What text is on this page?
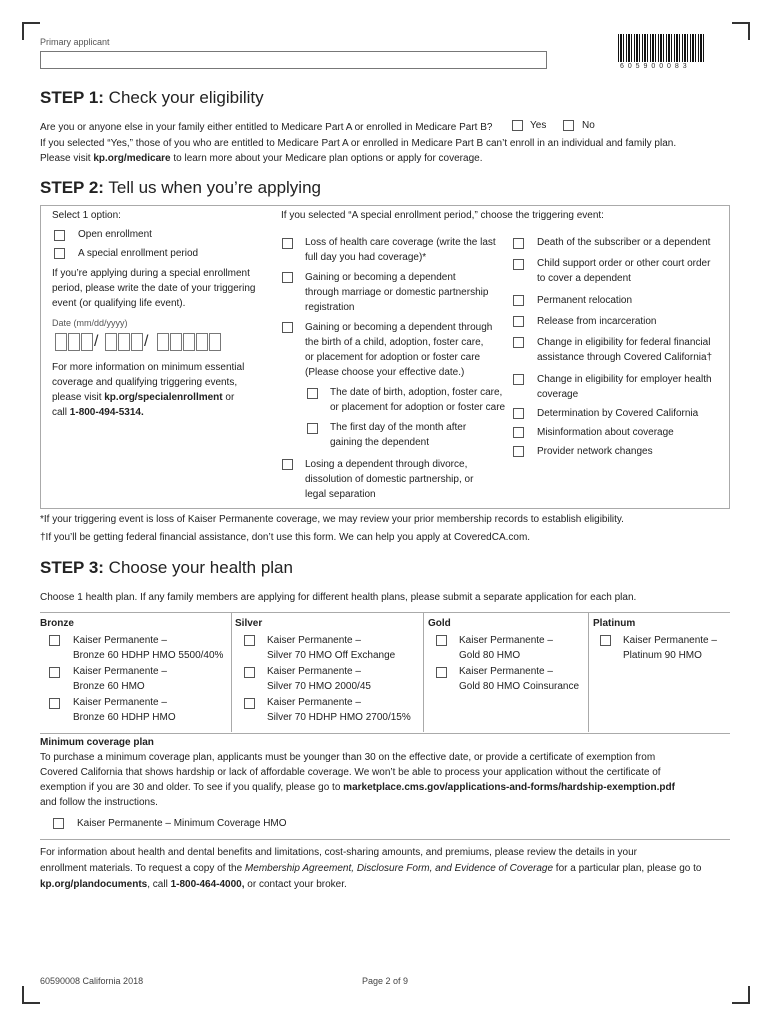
Primary applicant
6 0 5 9 0 0 0 8 3
STEP 1: Check your eligibility
Are you or anyone else in your family either entitled to Medicare Part A or enrolled in Medicare Part B?	Yes	No
If you selected “Yes,” those of you who are entitled to Medicare Part A or enrolled in Medicare Part B can’t enroll in an individual and family plan.
Please visit kp.org/medicare to learn more about your Medicare plan options or apply for coverage.
STEP 2: Tell us when you’re applying
Select 1 option:
Open enrollment
A special enrollment period
If you’re applying during a special enrollment
period, please write the date of your triggering
event (or qualifying life event).
Date (mm/dd/yyyy)
/	/
For more information on minimum essential
coverage and qualifying triggering events,
please visit kp.org/specialenrollment or
call 1-800-494-5314.
If you selected “A special enrollment period,” choose the triggering event:
Loss of health care coverage (write the last
full day you had coverage)*
Gaining or becoming a dependent
through marriage or domestic partnership
registration
Gaining or becoming a dependent through
the birth of a child, adoption, foster care,
or placement for adoption or foster care
(Please choose your effective date.)
The date of birth, adoption, foster care,
or placement for adoption or foster care
The first day of the month after
gaining the dependent
Losing a dependent through divorce,
dissolution of domestic partnership, or
legal separation
Death of the subscriber or a dependent
Child support order or other court order
to cover a dependent
Permanent relocation
Release from incarceration
Change in eligibility for federal financial
assistance through Covered California†
Change in eligibility for employer health
coverage
Determination by Covered California
Misinformation about coverage
Provider network changes
*If your triggering event is loss of Kaiser Permanente coverage, we may review your prior membership records to establish eligibility.
†If you’ll be getting federal financial assistance, don’t use this form. We can help you apply at CoveredCA.com.
STEP 3: Choose your health plan
Choose 1 health plan. If any family members are applying for different health plans, please submit a separate application for each plan.
Bronze
Kaiser Permanente –
Bronze 60 HDHP HMO 5500/40%
Kaiser Permanente –
Bronze 60 HMO
Kaiser Permanente –
Bronze 60 HDHP HMO
Silver
Kaiser Permanente –
Silver 70 HMO Off Exchange
Kaiser Permanente –
Silver 70 HMO 2000/45
Kaiser Permanente –
Silver 70 HDHP HMO 2700/15%
Gold
Kaiser Permanente –
Gold 80 HMO
Kaiser Permanente –
Gold 80 HMO Coinsurance
Platinum
Kaiser Permanente –
Platinum 90 HMO
Minimum coverage plan
To purchase a minimum coverage plan, applicants must be younger than 30 on the effective date, or provide a certificate of exemption from
Covered California that shows hardship or lack of affordable coverage. We won’t be able to process your application without the certificate of
exemption if you are 30 and older. To see if you qualify, please go to marketplace.cms.gov/applications-and-forms/hardship-exemption.pdf
and follow the instructions.
Kaiser Permanente – Minimum Coverage HMO
For information about health and dental benefits and limitations, cost-sharing amounts, and premiums, please review the details in your
enrollment materials. To request a copy of the Membership Agreement, Disclosure Form, and Evidence of Coverage for a particular plan, please go to
kp.org/plandocuments, call 1-800-464-4000, or contact your broker.
60590008 California 2018	Page 2 of 9
